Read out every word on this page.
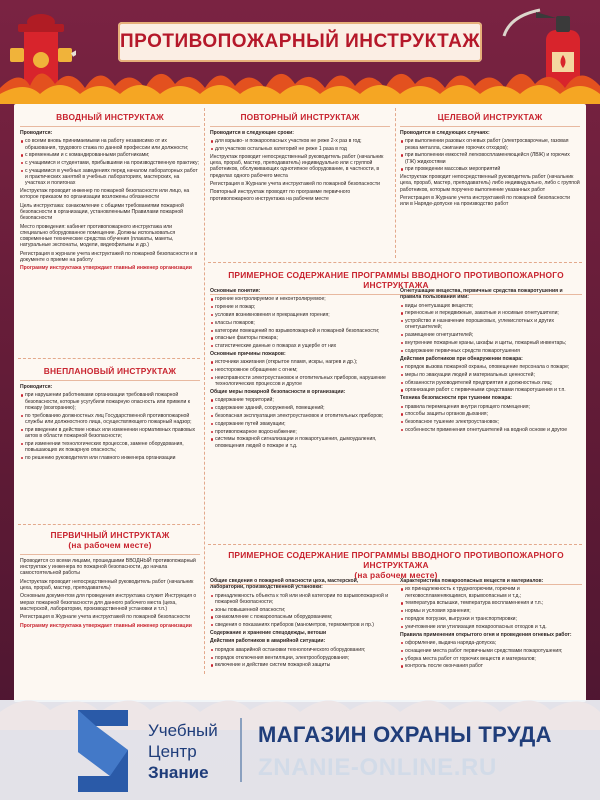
ПРОТИВОПОЖАРНЫЙ ИНСТРУКТАЖ
ВВОДНЫЙ ИНСТРУКТАЖ

Проводится:

со всеми вновь принимаемыми на работу независимо от их образования, трудового стажа по данной профессии или должности;
с временными и с командированными работниками;
с учащимися и студентами, прибывшими на производственную практику;
с учащимися в учебных заведениях перед началом лабораторных работ и практических занятий в учебных лабораториях, мастерских, на участках и полигонах

Инструктаж проводит инженер по пожарной безопасности или лицо, на которое приказом по организации возложены обязанности

Цель инструктажа: ознакомление с общими требованиями пожарной безопасности в организации, установленными Правилами пожарной безопасности

Место проведения: кабинет противопожарного инструктажа или специально оборудованное помещение. Должны использоваться современные технические средства обучения (плакаты, макеты, натуральные экспонаты, модели, видеофильмы и др.)

Регистрация в журнале учета инструктажей по пожарной безопасности и в документе о приеме на работу

Программу инструктажа утверждает главный инженер организации

ВНЕПЛАНОВЫЙ ИНСТРУКТАЖ

Проводится:

при нарушении работниками организации требований пожарной безопасности, которые усугубили пожарную опасность или привели к пожару (возгоранию);
по требованию должностных лиц Государственной противопожарной службы или должностного лица, осуществляющего пожарный надзор;
при введении в действие новых или изменении нормативных правовых актов в области пожарной безопасности;
при изменении технологических процессов, замене оборудования, повышающих их пожарную опасность;
по решению руководителя или главного инженера организации
ПЕРВИЧНЫЙ ИНСТРУКТАЖ
(на рабочем месте)

Проводится со всеми лицами, прошедшими ВВОДНЫЙ противопожарный инструктаж у инженера по пожарной безопасности, до начала самостоятельной работы

Инструктаж проводит непосредственный руководитель работ (начальник цеха, прораб, мастер, преподаватель)

Основным документом для проведения инструктажа служит Инструкция о мерах пожарной безопасности для данного рабочего места (цеха, мастерской, лаборатории, производственной установки и т.п.)

Регистрация в Журнале учета инструктажей по пожарной безопасности

Программу инструктажа утверждает главный инженер организации

ПОВТОРНЫЙ ИНСТРУКТАЖ

Проводится в следующие сроки:

для взрыво- и пожароопасных участков не реже 2-х раз в год;
для участков остальных категорий не реже 1 раза в год

Инструктаж проводит непосредственный руководитель работ (начальник цеха, прораб, мастер, преподаватель) индивидуально или с группой работников, обслуживающих однотипное оборудование, в частности, в пределах одного рабочего места

Регистрация в Журнале учета инструктажей по пожарной безопасности

Повторный инструктаж проводят по программе первичного противопожарного инструктажа на рабочем месте

ЦЕЛЕВОЙ ИНСТРУКТАЖ

Проводится в следующих случаях:

при выполнении разовых огневых работ (электросварочные, газовая резка металла, сжигание горючих отходов);
при выполнении емкостей легковоспламеняющейся (ЛВЖ) и горючих (ГЖ) жидкостями
при проведении массовых мероприятий

Инструктаж проводит непосредственный руководитель работ (начальник цеха, прораб, мастер, преподаватель) либо индивидуально, либо с группой работников, которым поручено выполнение указанных работ

Регистрация в Журнале учета инструктажей по пожарной безопасности или в Наряде-допуске на производство работ

ПРИМЕРНОЕ СОДЕРЖАНИЕ ПРОГРАММЫ ВВОДНОГО ПРОТИВОПОЖАРНОГО ИНСТРУКТАЖА

Основные понятия:

горение контролируемое и неконтролируемое;
горение и пожар;
условия возникновения и прекращения горения;
классы пожаров;
категории помещений по взрывопожарной и пожарной безопасности;
опасные факторы пожара;
статистические данные о пожарах и ущербе от них

Основные причины пожаров:

источники зажигания (открытое пламя, искры, нагрев и др.);
неосторожное обращение с огнем;
неисправности электроустановок и отопительных приборов, нарушение технологических процессов и другое

Общие меры пожарной безопасности в организации:

содержание территорий;
содержание зданий, сооружений, помещений;
безопасная эксплуатация электроустановок и отопительных приборов;
содержание путей эвакуации;
противопожарное водоснабжение;
системы пожарной сигнализации и пожаротушения, дымоудаления, оповещения людей о пожаре и т.д.

Огнетушащие вещества, первичные средства пожаротушения и правила пользования ими:

виды огнетушащих веществ;
переносные и передвижные, закатные и носимые огнетушители;
устройство и назначение порошковых, углекислотных и других огнетушителей;
размещение огнетушителей;
внутренние пожарные краны, шкафы и щиты, пожарный инвентарь;
содержание первичных средств пожаротушения

Действия работников при обнаружении пожара:

порядок вызова пожарной охраны, оповещение персонала о пожаре;
меры по эвакуации людей и материальных ценностей;
обязанности руководителей предприятия и должностных лиц;
организация работ с первичными средствами пожаротушения и т.п.

Техника безопасности при тушении пожара:

правила перемещения внутри горящего помещения;
способы защиты органов дыхания;
безопасное тушение электроустановок;
особенности применения огнетушителей на водной основе и другое
ПРИМЕРНОЕ СОДЕРЖАНИЕ ПРОГРАММЫ ВВОДНОГО ПРОТИВОПОЖАРНОГО ИНСТРУКТАЖА
(на рабочем месте)

Общие сведения о пожарной опасности цеха, мастерской, лаборатории, производственной установки:

принадлежность объекта к той или иной категории по взрывопожарной и пожарной безопасности;
зоны повышенной опасности;
ознакомление с пожароопасным оборудованием;
сведения о показаниях приборов (манометров, термометров и пр.)

Содержание и хранение спецодежды, ветоши

Действия работников в аварийной ситуации:

порядок аварийной остановки технологического оборудования;
порядок отключения вентиляции, электрооборудования;
включение и действие систем пожарной защиты

Характеристика пожароопасных веществ и материалов:

их принадлежность к трудногорючим, горючим и легковоспламеняющимся, взрывоопасным и т.д.;
температура вспышки, температура воспламенения и т.п.;
нормы и условия хранения;
порядок погрузки, выгрузки и транспортировки;
уничтожение или утилизация пожароопасных отходов и т.д.

Правила применения открытого огня и проведения огневых работ:

оформление, выдача наряда-допуска;
оснащение места работ первичными средствами пожаротушения;
уборка места работ от горючих веществ и материалов;
контроль после окончания работ
Учебный
Центр
Знание
МАГАЗИН ОХРАНЫ ТРУДА
ZNANIE-ONLINE.RU
